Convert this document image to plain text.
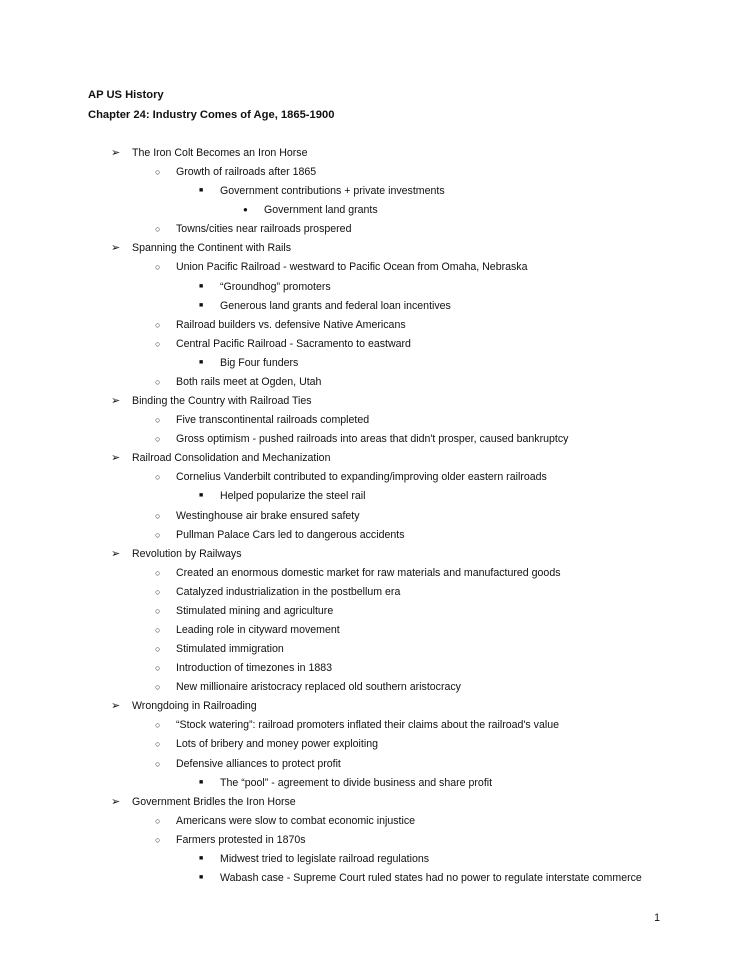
AP US History
Chapter 24: Industry Comes of Age, 1865-1900
➢ The Iron Colt Becomes an Iron Horse
○ Growth of railroads after 1865
■ Government contributions + private investments
● Government land grants
○ Towns/cities near railroads prospered
➢ Spanning the Continent with Rails
○ Union Pacific Railroad - westward to Pacific Ocean from Omaha, Nebraska
■ “Groundhog” promoters
■ Generous land grants and federal loan incentives
○ Railroad builders vs. defensive Native Americans
○ Central Pacific Railroad - Sacramento to eastward
■ Big Four funders
○ Both rails meet at Ogden, Utah
➢ Binding the Country with Railroad Ties
○ Five transcontinental railroads completed
○ Gross optimism - pushed railroads into areas that didn't prosper, caused bankruptcy
➢ Railroad Consolidation and Mechanization
○ Cornelius Vanderbilt contributed to expanding/improving older eastern railroads
■ Helped popularize the steel rail
○ Westinghouse air brake ensured safety
○ Pullman Palace Cars led to dangerous accidents
➢ Revolution by Railways
○ Created an enormous domestic market for raw materials and manufactured goods
○ Catalyzed industrialization in the postbellum era
○ Stimulated mining and agriculture
○ Leading role in cityward movement
○ Stimulated immigration
○ Introduction of timezones in 1883
○ New millionaire aristocracy replaced old southern aristocracy
➢ Wrongdoing in Railroading
○ “Stock watering”: railroad promoters inflated their claims about the railroad's value
○ Lots of bribery and money power exploiting
○ Defensive alliances to protect profit
■ The “pool” - agreement to divide business and share profit
➢ Government Bridles the Iron Horse
○ Americans were slow to combat economic injustice
○ Farmers protested in 1870s
■ Midwest tried to legislate railroad regulations
■ Wabash case - Supreme Court ruled states had no power to regulate interstate commerce
1
